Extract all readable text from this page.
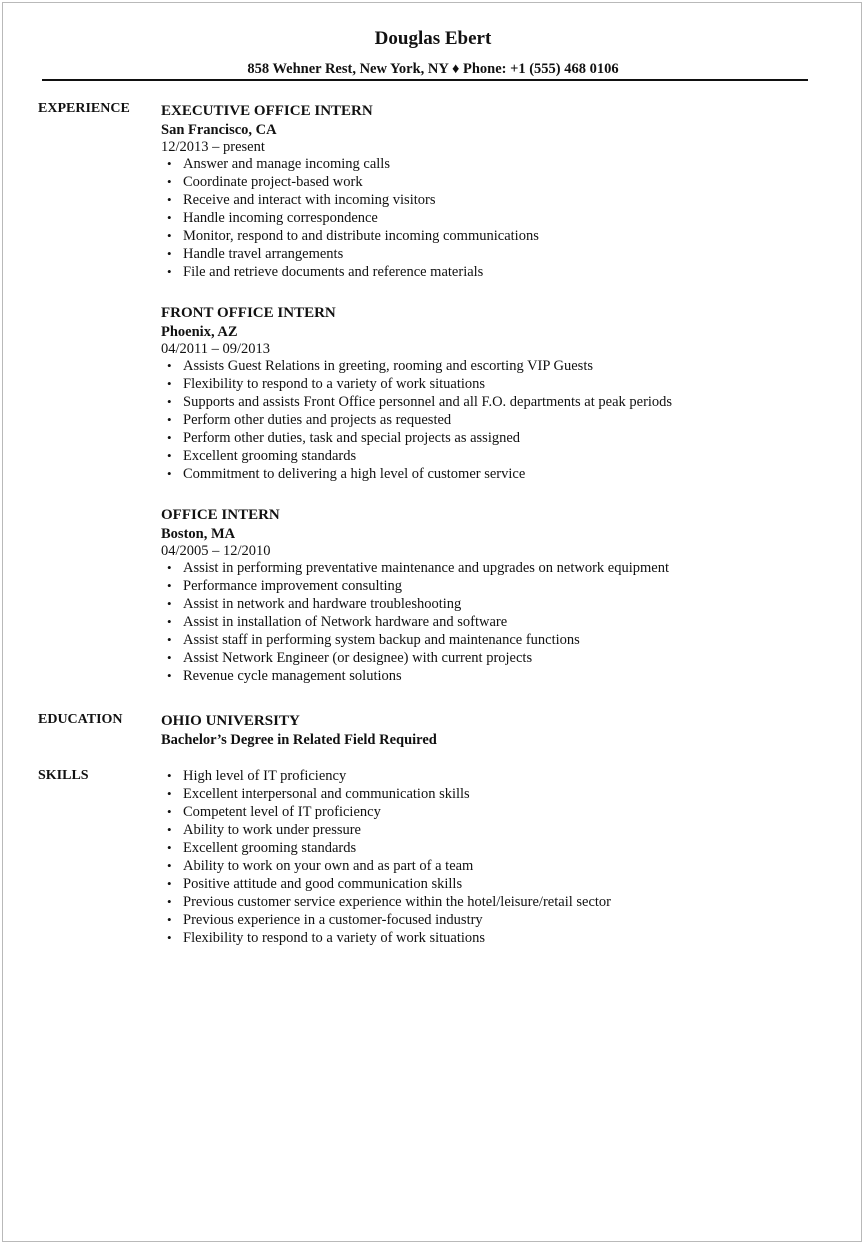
Douglas Ebert
858 Wehner Rest, New York, NY ♦ Phone: +1 (555) 468 0106
EXPERIENCE EXECUTIVE OFFICE INTERN
San Francisco, CA
12/2013 – present
• Answer and manage incoming calls
• Coordinate project-based work
• Receive and interact with incoming visitors
• Handle incoming correspondence
• Monitor, respond to and distribute incoming communications
• Handle travel arrangements
• File and retrieve documents and reference materials
FRONT OFFICE INTERN
Phoenix, AZ
04/2011 – 09/2013
• Assists Guest Relations in greeting, rooming and escorting VIP Guests
• Flexibility to respond to a variety of work situations
• Supports and assists Front Office personnel and all F.O. departments at peak periods
• Perform other duties and projects as requested
• Perform other duties, task and special projects as assigned
• Excellent grooming standards
• Commitment to delivering a high level of customer service
OFFICE INTERN
Boston, MA
04/2005 – 12/2010
• Assist in performing preventative maintenance and upgrades on network equipment
• Performance improvement consulting
• Assist in network and hardware troubleshooting
• Assist in installation of Network hardware and software
• Assist staff in performing system backup and maintenance functions
• Assist Network Engineer (or designee) with current projects
• Revenue cycle management solutions
EDUCATION	OHIO UNIVERSITY
Bachelor’s Degree in Related Field Required
SKILLS
•	High level of IT proficiency
• Excellent interpersonal and communication skills
• Competent level of IT proficiency
• Ability to work under pressure
• Excellent grooming standards
• Ability to work on your own and as part of a team
• Positive attitude and good communication skills
• Previous customer service experience within the hotel/leisure/retail sector
• Previous experience in a customer-focused industry
• Flexibility to respond to a variety of work situations
